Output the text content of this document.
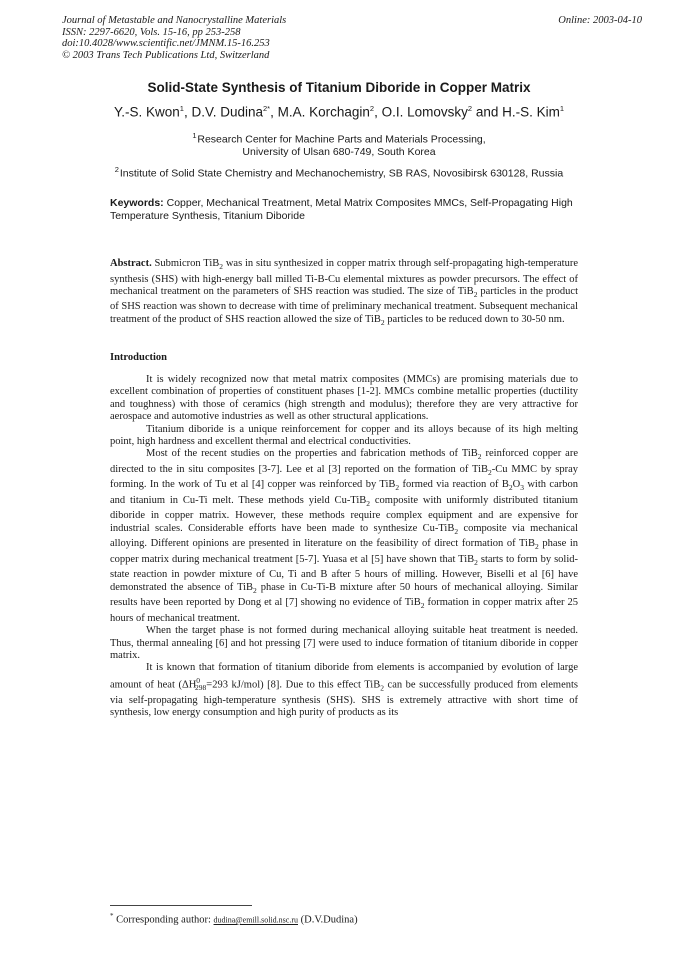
Journal of Metastable and Nanocrystalline Materials
ISSN: 2297-6620, Vols. 15-16, pp 253-258
doi:10.4028/www.scientific.net/JMNM.15-16.253
© 2003 Trans Tech Publications Ltd, Switzerland
Online: 2003-04-10
Solid-State Synthesis of Titanium Diboride in Copper Matrix
Y.-S. Kwon$^1$, D.V. Dudina$^{2*}$, M.A. Korchagin$^2$, O.I. Lomovsky$^2$ and H.-S. Kim$^1$
$^1$ Research Center for Machine Parts and Materials Processing,
University of Ulsan 680-749, South Korea
$^2$ Institute of Solid State Chemistry and Mechanochemistry, SB RAS, Novosibirsk 630128, Russia
Keywords: Copper, Mechanical Treatment, Metal Matrix Composites MMCs, Self-Propagating High Temperature Synthesis, Titanium Diboride
Abstract. Submicron TiB$_2$ was in situ synthesized in copper matrix through self-propagating high-temperature synthesis (SHS) with high-energy ball milled Ti-B-Cu elemental mixtures as powder precursors. The effect of mechanical treatment on the parameters of SHS reaction was studied. The size of TiB$_2$ particles in the product of SHS reaction was shown to decrease with time of preliminary mechanical treatment. Subsequent mechanical treatment of the product of SHS reaction allowed the size of TiB$_2$ particles to be reduced down to 30-50 nm.
Introduction

It is widely recognized now that metal matrix composites (MMCs) are promising materials due to excellent combination of properties of constituent phases [1-2]. MMCs combine metallic properties (ductility and toughness) with those of ceramics (high strength and modulus); therefore they are very attractive for aerospace and automotive industries as well as other structural applications.

Titanium diboride is a unique reinforcement for copper and its alloys because of its high melting point, high hardness and excellent thermal and electrical conductivities.

Most of the recent studies on the properties and fabrication methods of TiB$_2$ reinforced copper are directed to the in situ composites [3-7]. Lee et al [3] reported on the formation of TiB$_2$-Cu MMC by spray forming. In the work of Tu et al [4] copper was reinforced by TiB$_2$ formed via reaction of $B_2O_3$ with carbon and titanium in Cu-Ti melt. These methods yield Cu-TiB$_2$ composite with uniformly distributed titanium diboride in copper matrix. However, these methods require complex equipment and are expensive for industrial scales. Considerable efforts have been made to synthesize Cu-TiB$_2$ composite via mechanical alloying. Different opinions are presented in literature on the feasibility of direct formation of TiB$_2$ phase in copper matrix during mechanical treatment [5-7]. Yuasa et al [5] have shown that TiB$_2$ starts to form by solid-state reaction in powder mixture of Cu, Ti and B after 5 hours of milling. However, Biselli et al [6] have demonstrated the absence of TiB$_2$ phase in Cu-Ti-B mixture after 50 hours of mechanical alloying. Similar results have been reported by Dong et al [7] showing no evidence of TiB$_2$ formation in copper matrix after 25 hours of mechanical treatment.

When the target phase is not formed during mechanical alloying suitable heat treatment is needed. Thus, thermal annealing [6] and hot pressing [7] were used to induce formation of titanium diboride in copper matrix.

It is known that formation of titanium diboride from elements is accompanied by evolution of large amount of heat ($\Delta H^0_{298}=293$ kJ/mol) [8]. Due to this effect TiB$_2$ can be successfully produced from elements via self-propagating high-temperature synthesis (SHS). SHS is extremely attractive with short time of synthesis, low energy consumption and high purity of products as its

* Corresponding author: dudina@emill.solid.nsc.ru (D.V.Dudina)
